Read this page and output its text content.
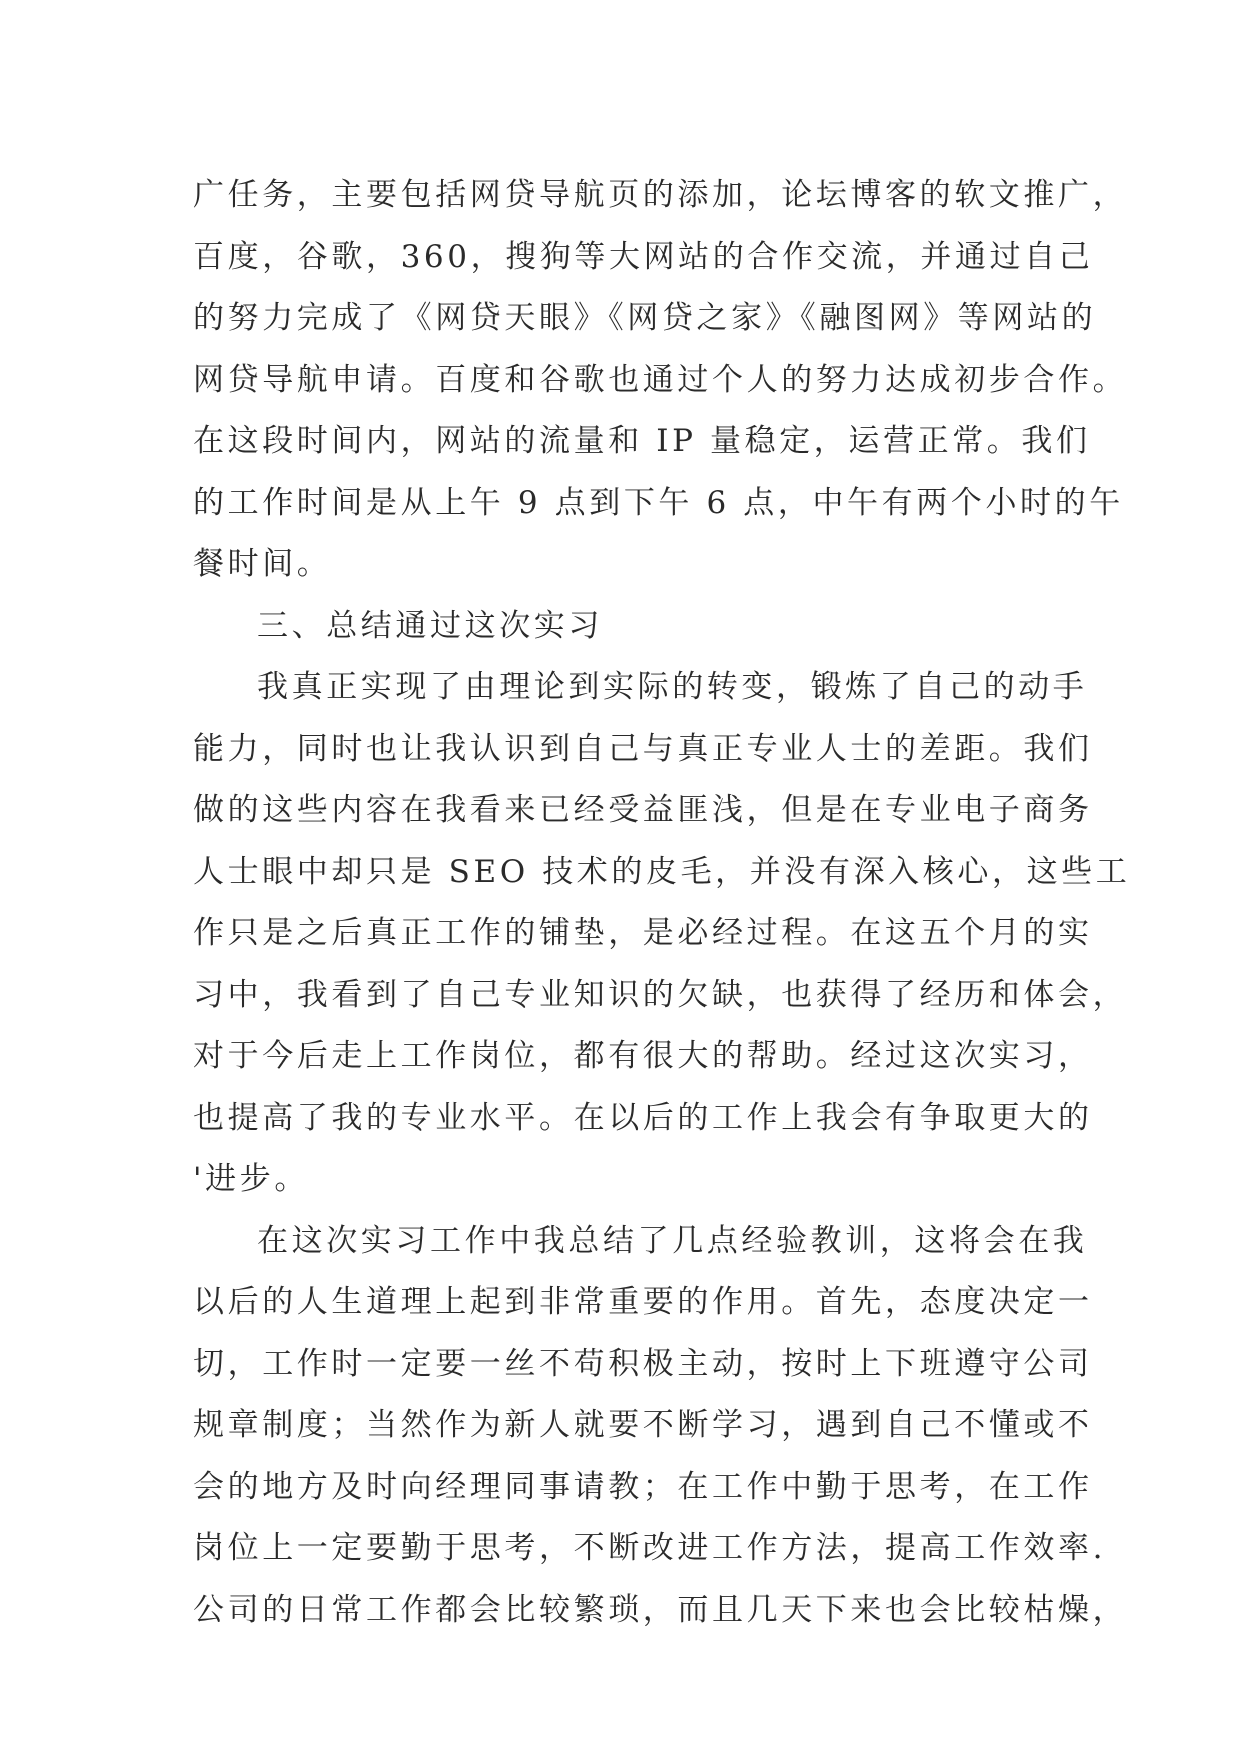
广任务，主要包括网贷导航页的添加，论坛博客的软文推广，
百度，谷歌，360，搜狗等大网站的合作交流，并通过自己
的努力完成了《网贷天眼》《网贷之家》《融图网》等网站的
网贷导航申请。百度和谷歌也通过个人的努力达成初步合作。
在这段时间内，网站的流量和 IP 量稳定，运营正常。我们
的工作时间是从上午 9 点到下午 6 点，中午有两个小时的午
餐时间。
三、总结通过这次实习
我真正实现了由理论到实际的转变，锻炼了自己的动手
能力，同时也让我认识到自己与真正专业人士的差距。我们
做的这些内容在我看来已经受益匪浅，但是在专业电子商务
人士眼中却只是 SEO 技术的皮毛，并没有深入核心，这些工
作只是之后真正工作的铺垫，是必经过程。在这五个月的实
习中，我看到了自己专业知识的欠缺，也获得了经历和体会，
对于今后走上工作岗位，都有很大的帮助。经过这次实习，
也提高了我的专业水平。在以后的工作上我会有争取更大的
'进步。
在这次实习工作中我总结了几点经验教训，这将会在我
以后的人生道理上起到非常重要的作用。首先，态度决定一
切，工作时一定要一丝不苟积极主动，按时上下班遵守公司
规章制度；当然作为新人就要不断学习，遇到自己不懂或不
会的地方及时向经理同事请教；在工作中勤于思考，在工作
岗位上一定要勤于思考，不断改进工作方法，提高工作效率.
公司的日常工作都会比较繁琐，而且几天下来也会比较枯燥，
